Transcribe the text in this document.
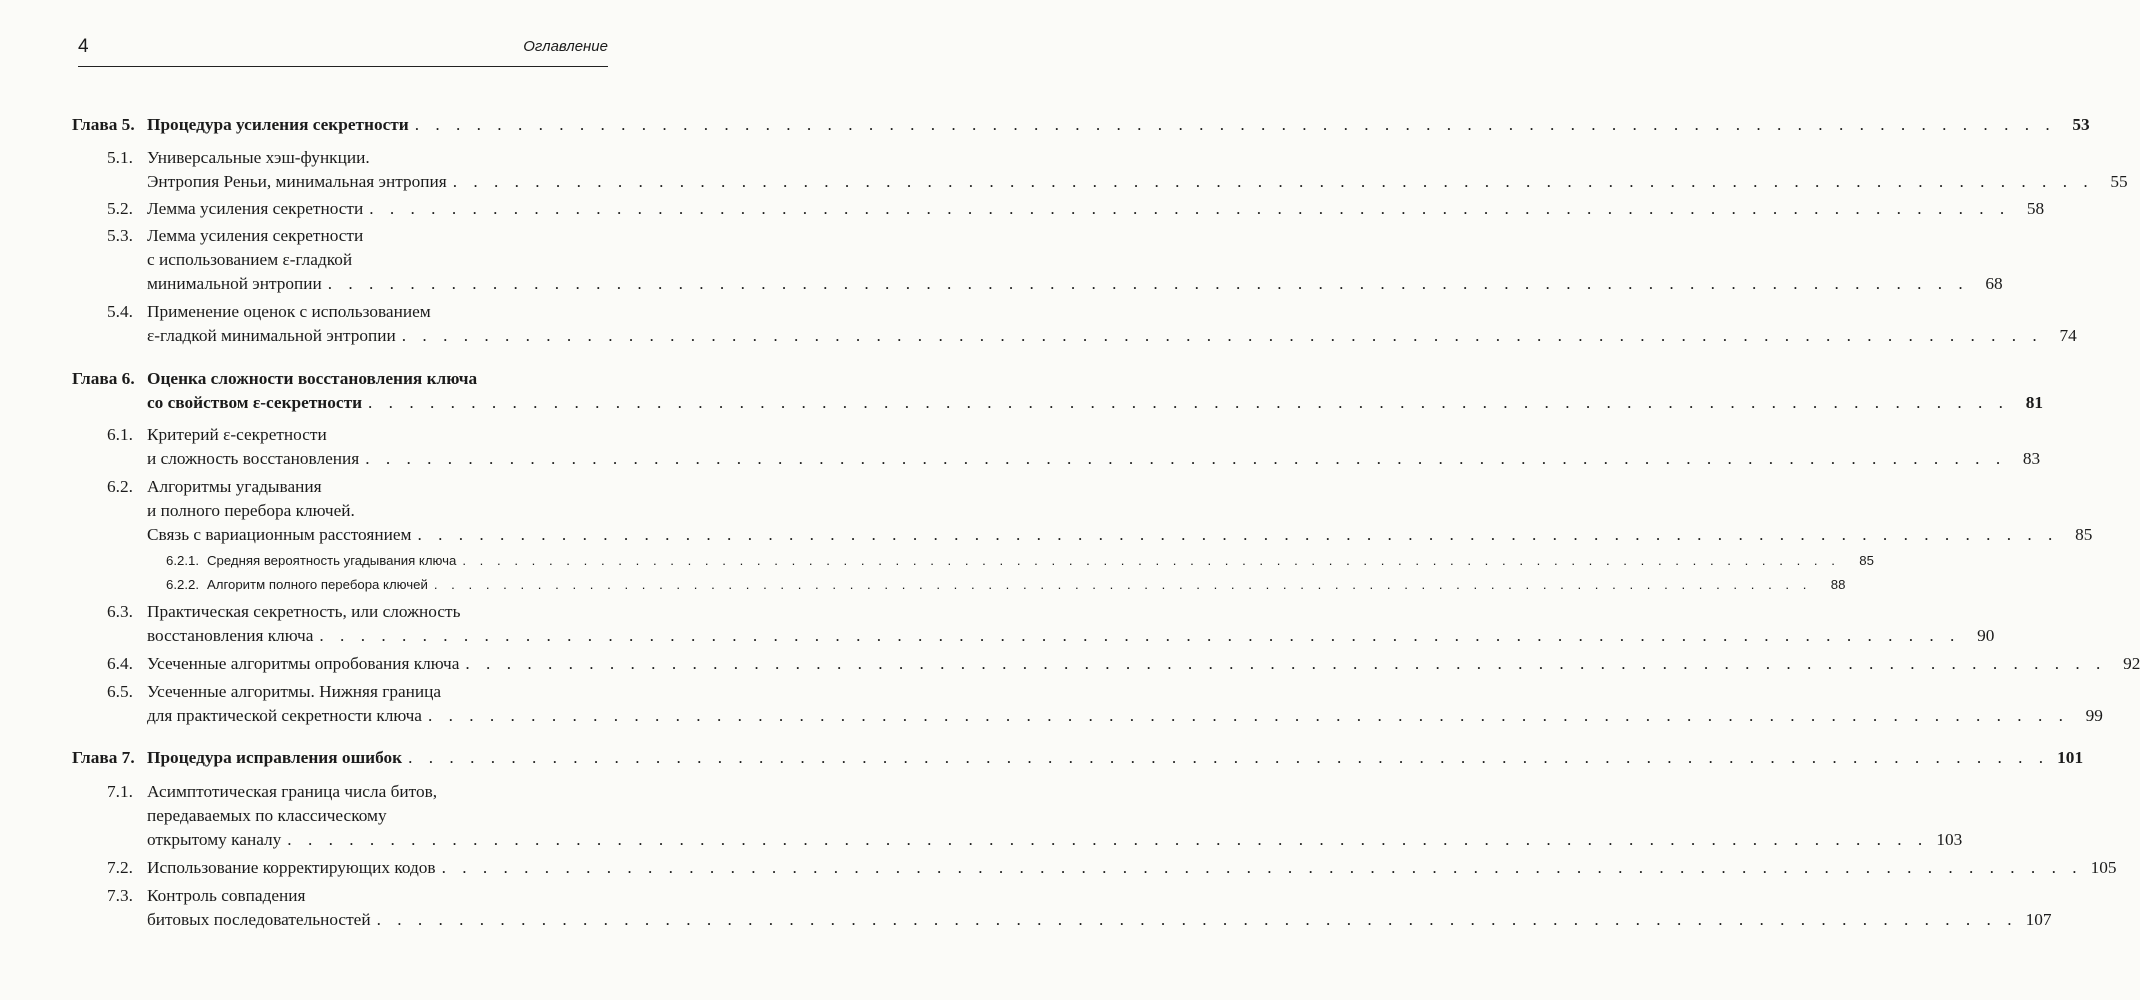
4	Оглавление
Глава 5. Процедура усиления секретности . . . . . . . . . . . . . . . . . . . . . . . . . . . . . . . . . . . . . . . . . . . . . . . . . . . . . . . . . . . . . . . . . . . . . . . . . . . . . . . . 53
5.1. Универсальные хэш-функции.
Энтропия Реньи, минимальная энтропия . . . . . . . . . . . . . . . . . . . . . . . . . . . . . . . . . . . . . . . . . . . . . . . . . . . . . . . . . . . . . . . . . . . . . . . . . . . . . . . . 55
5.2. Лемма усиления секретности . . . . . . . . . . . . . . . . . . . . . . . . . . . . . . . . . . . . . . . . . . . . . . . . . . . . . . . . . . . . . . . . . . . . . . . . . . . . . . . . 58
5.3. Лемма усиления секретности
с использованием ε-гладкой
минимальной энтропии . . . . . . . . . . . . . . . . . . . . . . . . . . . . . . . . . . . . . . . . . . . . . . . . . . . . . . . . . . . . . . . . . . . . . . . . . . . . . . . . 68
5.4. Применение оценок с использованием
ε-гладкой минимальной энтропии . . . . . . . . . . . . . . . . . . . . . . . . . . . . . . . . . . . . . . . . . . . . . . . . . . . . . . . . . . . . . . . . . . . . . . . . . . . . . . . . 74
Глава 6. Оценка сложности восстановления ключа
со свойством ε-секретности . . . . . . . . . . . . . . . . . . . . . . . . . . . . . . . . . . . . . . . . . . . . . . . . . . . . . . . . . . . . . . . . . . . . . . . . . . . . . . . . 81
6.1. Критерий ε-секретности
и сложность восстановления . . . . . . . . . . . . . . . . . . . . . . . . . . . . . . . . . . . . . . . . . . . . . . . . . . . . . . . . . . . . . . . . . . . . . . . . . . . . . . . . 83
6.2. Алгоритмы угадывания
и полного перебора ключей.
Связь с вариационным расстоянием . . . . . . . . . . . . . . . . . . . . . . . . . . . . . . . . . . . . . . . . . . . . . . . . . . . . . . . . . . . . . . . . . . . . . . . . . . . . . . . . 85
6.2.1. Средняя вероятность угадывания ключа . . . . . . . . . . . . . . . . . . . . . . . . . . . . . . . . . . . . . . . . . . . . . . . . . . . . . . . . . . . . . . . . . . . . . . . . . . . . . . . .	85
6.2.2. Алгоритм полного перебора ключей . . . . . . . . . . . . . . . . . . . . . . . . . . . . . . . . . . . . . . . . . . . . . . . . . . . . . . . . . . . . . . . . . . . . . . . . . . . . . . . .	88
6.3. Практическая секретность, или сложность
восстановления ключа . . . . . . . . . . . . . . . . . . . . . . . . . . . . . . . . . . . . . . . . . . . . . . . . . . . . . . . . . . . . . . . . . . . . . . . . . . . . . . . . 90
6.4. Усеченные алгоритмы опробования ключа . . . . . . . . . . . . . . . . . . . . . . . . . . . . . . . . . . . . . . . . . . . . . . . . . . . . . . . . . . . . . . . . . . . . . . . . . . . . . . . . 92
6.5. Усеченные алгоритмы. Нижняя граница
для практической секретности ключа . . . . . . . . . . . . . . . . . . . . . . . . . . . . . . . . . . . . . . . . . . . . . . . . . . . . . . . . . . . . . . . . . . . . . . . . . . . . . . . . 99
Глава 7. Процедура исправления ошибок . . . . . . . . . . . . . . . . . . . . . . . . . . . . . . . . . . . . . . . . . . . . . . . . . . . . . . . . . . . . . . . . . . . . . . . . . . . . . . . . 101
7.1. Асимптотическая граница числа битов,
передаваемых по классическому
открытому каналу . . . . . . . . . . . . . . . . . . . . . . . . . . . . . . . . . . . . . . . . . . . . . . . . . . . . . . . . . . . . . . . . . . . . . . . . . . . . . . . . 103
7.2. Использование корректирующих кодов . . . . . . . . . . . . . . . . . . . . . . . . . . . . . . . . . . . . . . . . . . . . . . . . . . . . . . . . . . . . . . . . . . . . . . . . . . . . . . . . 105
7.3. Контроль совпадения
битовых последовательностей . . . . . . . . . . . . . . . . . . . . . . . . . . . . . . . . . . . . . . . . . . . . . . . . . . . . . . . . . . . . . . . . . . . . . . . . . . . . . . . . 107
